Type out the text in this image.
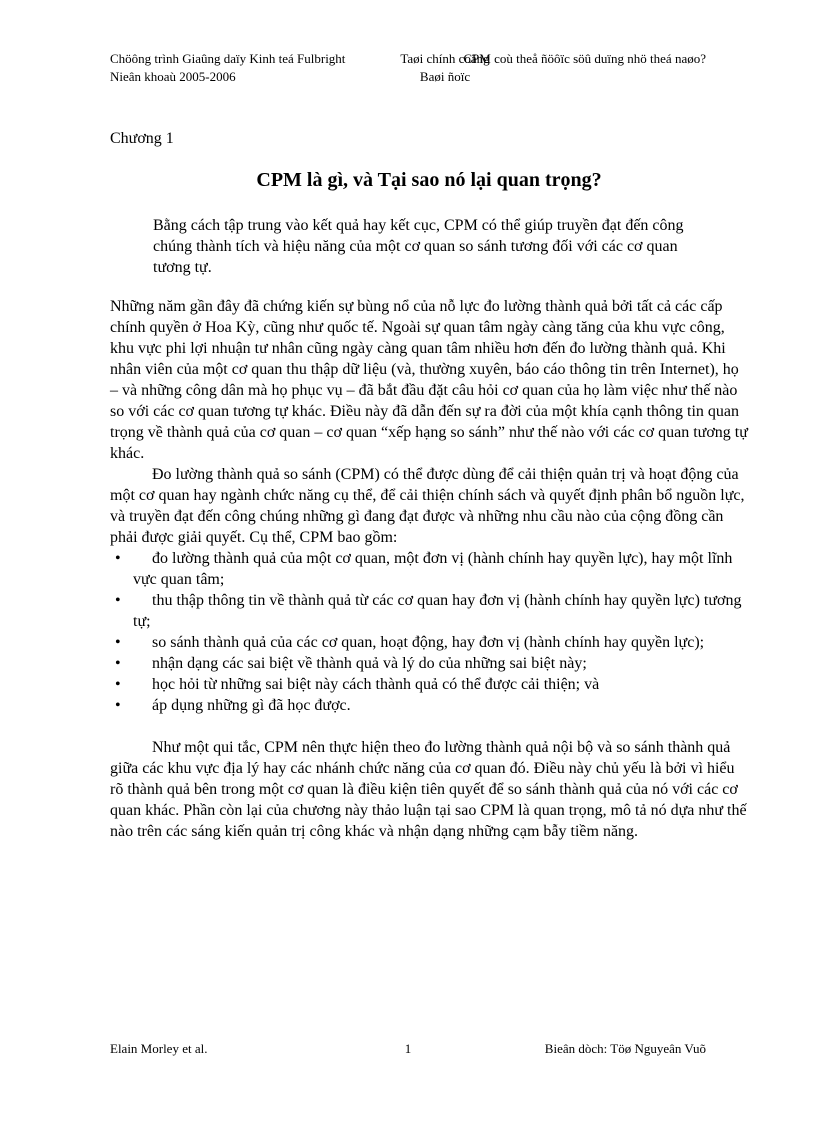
Chöông trình Giaûng daïy Kinh teá Fulbright
Nieân khoaù 2005-2006
Taøi chính coâng
Baøi ñoïc
CPM coù theå ñöôïc söû duïng nhö theá naøo?
Chương 1
CPM là gì, và Tại sao nó lại quan trọng?
Bằng cách tập trung vào kết quả hay kết cục, CPM có thể giúp truyền đạt đến công chúng thành tích và hiệu năng của một cơ quan so sánh tương đối với các cơ quan tương tự.

Những năm gần đây đã chứng kiến sự bùng nổ của nỗ lực đo lường thành quả bởi tất cả các cấp chính quyền ở Hoa Kỳ, cũng như quốc tế. Ngoài sự quan tâm ngày càng tăng của khu vực công, khu vực phi lợi nhuận tư nhân cũng ngày càng quan tâm nhiều hơn đến đo lường thành quả. Khi nhân viên của một cơ quan thu thập dữ liệu (và, thường xuyên, báo cáo thông tin trên Internet), họ – và những công dân mà họ phục vụ – đã bắt đầu đặt câu hỏi cơ quan của họ làm việc như thế nào so với các cơ quan tương tự khác. Điều này đã dẫn đến sự ra đời của một khía cạnh thông tin quan trọng về thành quả của cơ quan – cơ quan “xếp hạng so sánh” như thế nào với các cơ quan tương tự khác.

Đo lường thành quả so sánh (CPM) có thể được dùng để cải thiện quản trị và hoạt động của một cơ quan hay ngành chức năng cụ thể, để cải thiện chính sách và quyết định phân bổ nguồn lực, và truyền đạt đến công chúng những gì đang đạt được và những nhu cầu nào của cộng đồng cần phải được giải quyết. Cụ thể, CPM bao gồm:

• đo lường thành quả của một cơ quan, một đơn vị (hành chính hay quyền lực), hay một lĩnh vực quan tâm;
• thu thập thông tin về thành quả từ các cơ quan hay đơn vị (hành chính hay quyền lực) tương tự;
• so sánh thành quả của các cơ quan, hoạt động, hay đơn vị (hành chính hay quyền lực);
• nhận dạng các sai biệt về thành quả và lý do của những sai biệt này;
• học hỏi từ những sai biệt này cách thành quả có thể được cải thiện; và
• áp dụng những gì đã học được.

Như một qui tắc, CPM nên thực hiện theo đo lường thành quả nội bộ và so sánh thành quả giữa các khu vực địa lý hay các nhánh chức năng của cơ quan đó. Điều này chủ yếu là bởi vì hiểu rõ thành quả bên trong một cơ quan là điều kiện tiên quyết để so sánh thành quả của nó với các cơ quan khác. Phần còn lại của chương này thảo luận tại sao CPM là quan trọng, mô tả nó dựa như thế nào trên các sáng kiến quản trị công khác và nhận dạng những cạm bẫy tiềm năng.

Elain Morley et al.	1	Bieân dòch: Töø Nguyeân Vuõ
